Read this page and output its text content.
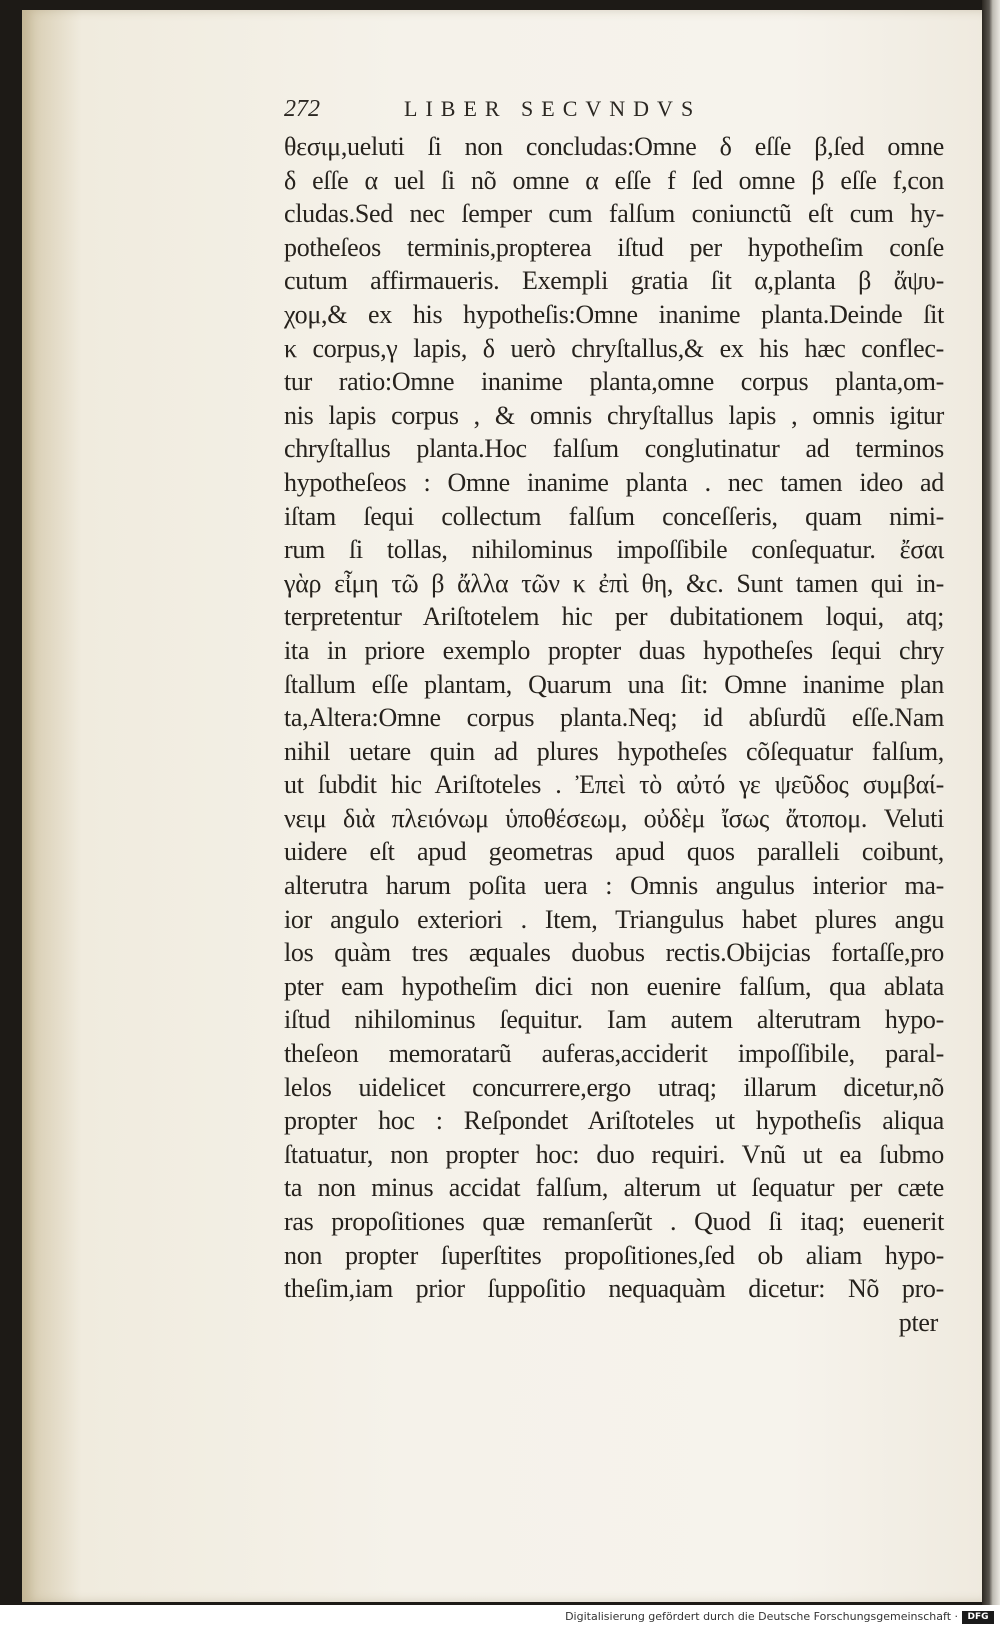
272	LIBER SECVNDVS
θεσιμ,ueluti ſi non concludas:Omne δ eſſe β,ſed omne
δ eſſe α uel ſi nõ omne α eſſe f ſed omne β eſſe f,con
cludas.Sed nec ſemper cum falſum coniunctũ eſt cum hy-
potheſeos terminis,propterea iſtud per hypotheſim conſe
cutum affirmaueris. Exempli gratia ſit α,planta β ἄψυ-
χομ,& ex his hypotheſis:Omne inanime planta.Deinde ſit
κ corpus,γ lapis, δ uerò chryſtallus,& ex his hæc conflec-
tur ratio:Omne inanime planta,omne corpus planta,om-
nis lapis corpus , & omnis chryſtallus lapis , omnis igitur
chryſtallus planta.Hoc falſum conglutinatur ad terminos
hypotheſeos : Omne inanime planta . nec tamen ideo ad
iſtam ſequi collectum falſum conceſſeris, quam nimi-
rum ſi tollas, nihilominus impoſſibile conſequatur. ἔσαι
γὰρ εἶμη τῶ β ἄλλα τῶν κ ἐπὶ θη, &c. Sunt tamen qui in-
terpretentur Ariſtotelem hic per dubitationem loqui, atq;
ita in priore exemplo propter duas hypotheſes ſequi chry
ſtallum eſſe plantam, Quarum una ſit: Omne inanime plan
ta,Altera:Omne corpus planta.Neq; id abſurdũ eſſe.Nam
nihil uetare quin ad plures hypotheſes cõſequatur falſum,
ut ſubdit hic Ariſtoteles . Ἐπεὶ τὸ αὐτό γε ψεῦδος συμβαί-
νειμ διὰ πλειόνωμ ὑποθέσεωμ, οὐδὲμ ἴσως ἄτοπομ. Veluti
uidere eſt apud geometras apud quos paralleli coibunt,
alterutra harum poſita uera : Omnis angulus interior ma-
ior angulo exteriori . Item, Triangulus habet plures angu
los quàm tres æquales duobus rectis.Obijcias fortaſſe,pro
pter eam hypotheſim dici non euenire falſum, qua ablata
iſtud nihilominus ſequitur. Iam autem alterutram hypo-
theſeon memoratarũ auferas,acciderit impoſſibile, paral-
lelos uidelicet concurrere,ergo utraq; illarum dicetur,nõ
propter hoc : Reſpondet Ariſtoteles ut hypotheſis aliqua
ſtatuatur, non propter hoc: duo requiri. Vnũ ut ea ſubmo
ta non minus accidat falſum, alterum ut ſequatur per cæte
ras propoſitiones quæ remanſerũt . Quod ſi itaq; euenerit
non propter ſuperſtites propoſitiones,ſed ob aliam hypo-
theſim,iam prior ſuppoſitio nequaquàm dicetur: Nõ pro-
pter
Digitalisierung gefördert durch die Deutsche Forschungsgemeinschaft ·	DFG
